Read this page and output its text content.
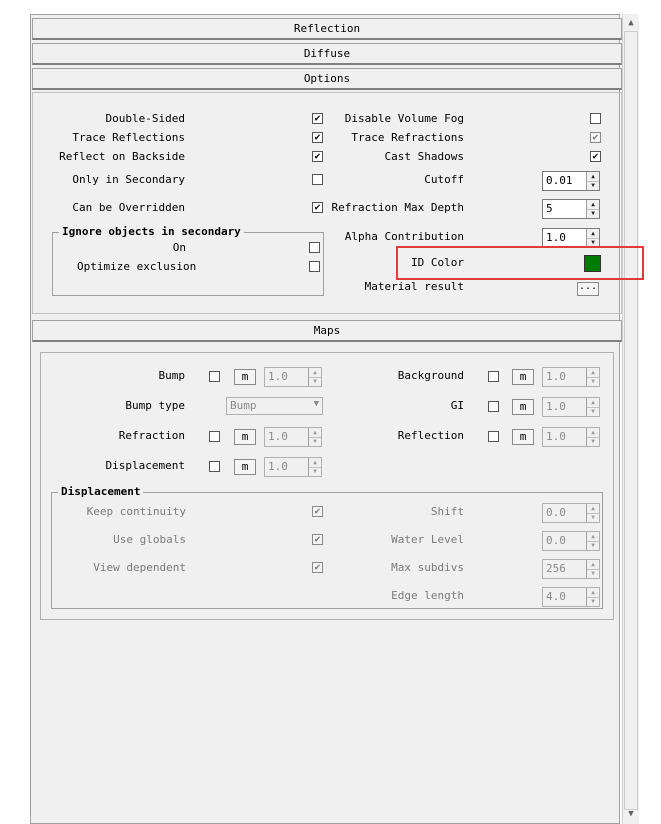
▲
▼
Reflection
Diffuse
Options
Double-Sided	✔
Trace Reflections	✔
Reflect on Backside	✔
Only in Secondary
Can be Overridden	✔
Ignore objects in secondary
On
Optimize exclusion
Disable Volume Fog
Trace Refractions	✔
Cast Shadows	✔
Cutoff	0.01	▲
▼
Refraction Max Depth	5	▲
▼
Alpha Contribution	1.0	▲
▼
ID Color
Material result	...
Maps
Bump	m	1.0	▲
▼
Bump type	Bump	▼
Refraction	m	1.0	▲
▼
Displacement	m	1.0	▲
▼
Background	m	1.0	▲
▼
GI	m	1.0	▲
▼
Reflection	m	1.0	▲
▼
Displacement
Keep continuity	✔
Use globals	✔
View dependent	✔
Shift	0.0	▲
▼
Water Level	0.0	▲
▼
Max subdivs	256	▲
▼
Edge length	4.0	▲
▼
